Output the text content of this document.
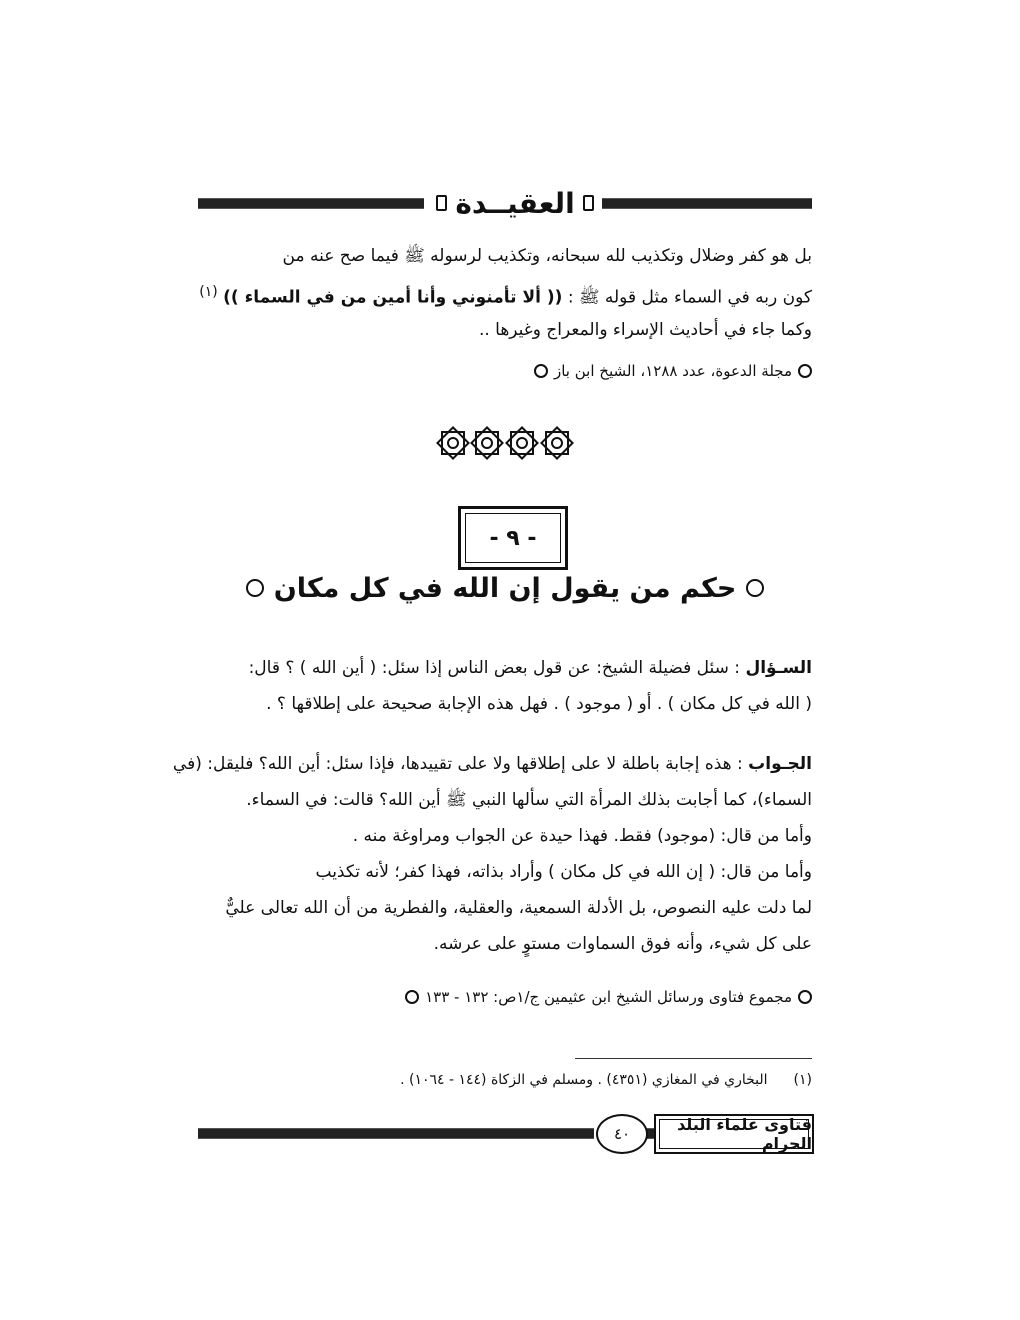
العقيــدة
بل هو كفر وضلال وتكذيب لله سبحانه، وتكذيب لرسوله ﷺ فيما صح عنه من
كون ربه في السماء مثل قوله ﷺ : (( ألا تأمنوني وأنا أمين من في السماء )) $^{(١)}$
وكما جاء في أحاديث الإسراء والمعراج وغيرها ..
مجلة الدعوة، عدد ١٢٨٨، الشيخ ابن باز
- ٩ -
حكم من يقول إن الله في كل مكان
السـؤال : سئل فضيلة الشيخ: عن قول بعض الناس إذا سئل: ( أين الله ) ؟ قال:
( الله في كل مكان ) . أو ( موجود ) . فهل هذه الإجابة صحيحة على إطلاقها ؟ .
الجـواب : هذه إجابة باطلة لا على إطلاقها ولا على تقييدها، فإذا سئل: أين الله؟ فليقل: (في
السماء)، كما أجابت بذلك المرأة التي سألها النبي ﷺ أين الله؟ قالت: في السماء.
وأما من قال: (موجود) فقط. فهذا حيدة عن الجواب ومراوغة منه .
وأما من قال: ( إن الله في كل مكان ) وأراد بذاته، فهذا كفر؛ لأنه تكذيب
لما دلت عليه النصوص، بل الأدلة السمعية، والعقلية، والفطرية من أن الله تعالى عليٌّ
على كل شيء، وأنه فوق السماوات مستوٍ على عرشه.
مجموع فتاوى ورسائل الشيخ ابن عثيمين ج/١ص: ١٣٢ - ١٣٣
(١)
البخاري في المغازي (٤٣٥١) . ومسلم في الزكاة (١٤٤ - ١٠٦٤) .
٤٠	فتاوى علماء البلد الحرام
